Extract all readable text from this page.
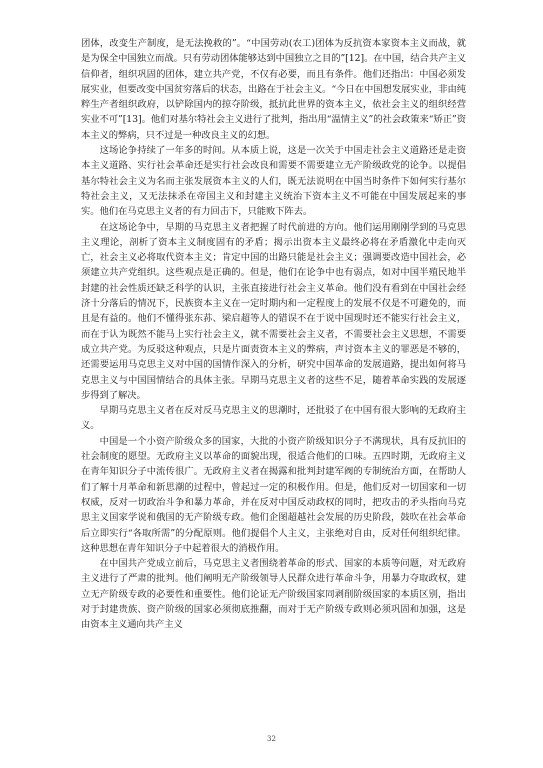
团体，改变生产制度，是无法挽救的”。“中国劳动(农工)团体为反抗资本家资本主义而战，就是为保全中国独立而战。只有劳动团体能够达到中国独立之目的”[12]。在中国，结合共产主义信仰者，组织巩固的团体，建立共产党，不仅有必要，而且有条件。他们还指出：中国必须发展实业，但要改变中国贫穷落后的状态，出路在于社会主义。“今日在中国想发展实业，非由纯粹生产者组织政府，以铲除国内的掠夺阶级，抵抗此世界的资本主义，依社会主义的组织经营实业不可”[13]。他们对基尔特社会主义进行了批判，指出用“温情主义”的社会政策来“矫正”资本主义的弊病，只不过是一种改良主义的幻想。

这场论争持续了一年多的时间。从本质上说，这是一次关于中国走社会主义道路还是走资本主义道路、实行社会革命还是实行社会改良和需要不需要建立无产阶级政党的论争。以提倡基尔特社会主义为名而主张发展资本主义的人们，既无法说明在中国当时条件下如何实行基尔特社会主义，又无法抹杀在帝国主义和封建主义统治下资本主义不可能在中国发展起来的事实。他们在马克思主义者的有力回击下，只能败下阵去。

在这场论争中，早期的马克思主义者把握了时代前进的方向。他们运用刚刚学到的马克思主义理论，剖析了资本主义制度固有的矛盾；揭示出资本主义最终必将在矛盾激化中走向灭亡，社会主义必将取代资本主义；肯定中国的出路只能是社会主义；强调要改造中国社会，必须建立共产党组织。这些观点是正确的。但是，他们在论争中也有弱点，如对中国半殖民地半封建的社会性质还缺乏科学的认识，主张直接进行社会主义革命。他们没有看到在中国社会经济十分落后的情况下，民族资本主义在一定时期内和一定程度上的发展不仅是不可避免的，而且是有益的。他们不懂得张东荪、梁启超等人的错误不在于说中国现时还不能实行社会主义，而在于认为既然不能马上实行社会主义，就不需要社会主义者，不需要社会主义思想，不需要成立共产党。为反驳这种观点，只是片面责资本主义的弊病，声讨资本主义的罪恶是不够的，还需要运用马克思主义对中国的国情作深入的分析，研究中国革命的发展道路，提出如何将马克思主义与中国国情结合的具体主张。早期马克思主义者的这些不足，随着革命实践的发展逐步得到了解决。

早期马克思主义者在反对反马克思主义的思潮时，还批驳了在中国有很大影响的无政府主义。

中国是一个小资产阶级众多的国家，大批的小资产阶级知识分子不满现状，具有反抗旧的社会制度的愿望。无政府主义以革命的面貌出现，很适合他们的口味。五四时期，无政府主义在青年知识分子中流传很广。无政府主义者在揭露和批判封建军阀的专制统治方面，在帮助人们了解十月革命和新思潮的过程中，曾起过一定的积极作用。但是，他们反对一切国家和一切权威，反对一切政治斗争和暴力革命，并在反对中国反动政权的同时，把攻击的矛头指向马克思主义国家学说和俄国的无产阶级专政。他们企图超越社会发展的历史阶段，鼓吹在社会革命后立即实行“各取所需”的分配原则。他们提倡个人主义，主张绝对自由，反对任何组织纪律。这种思想在青年知识分子中起着很大的消极作用。

在中国共产党成立前后，马克思主义者围绕着革命的形式、国家的本质等问题，对无政府主义进行了严肃的批判。他们阐明无产阶级领导人民群众进行革命斗争，用暴力夺取政权，建立无产阶级专政的必要性和重要性。他们论证无产阶级国家同剥削阶级国家的本质区别，指出对于封建贵族、资产阶级的国家必须彻底推翻，而对于无产阶级专政则必须巩固和加强，这是由资本主义通向共产主义

32
